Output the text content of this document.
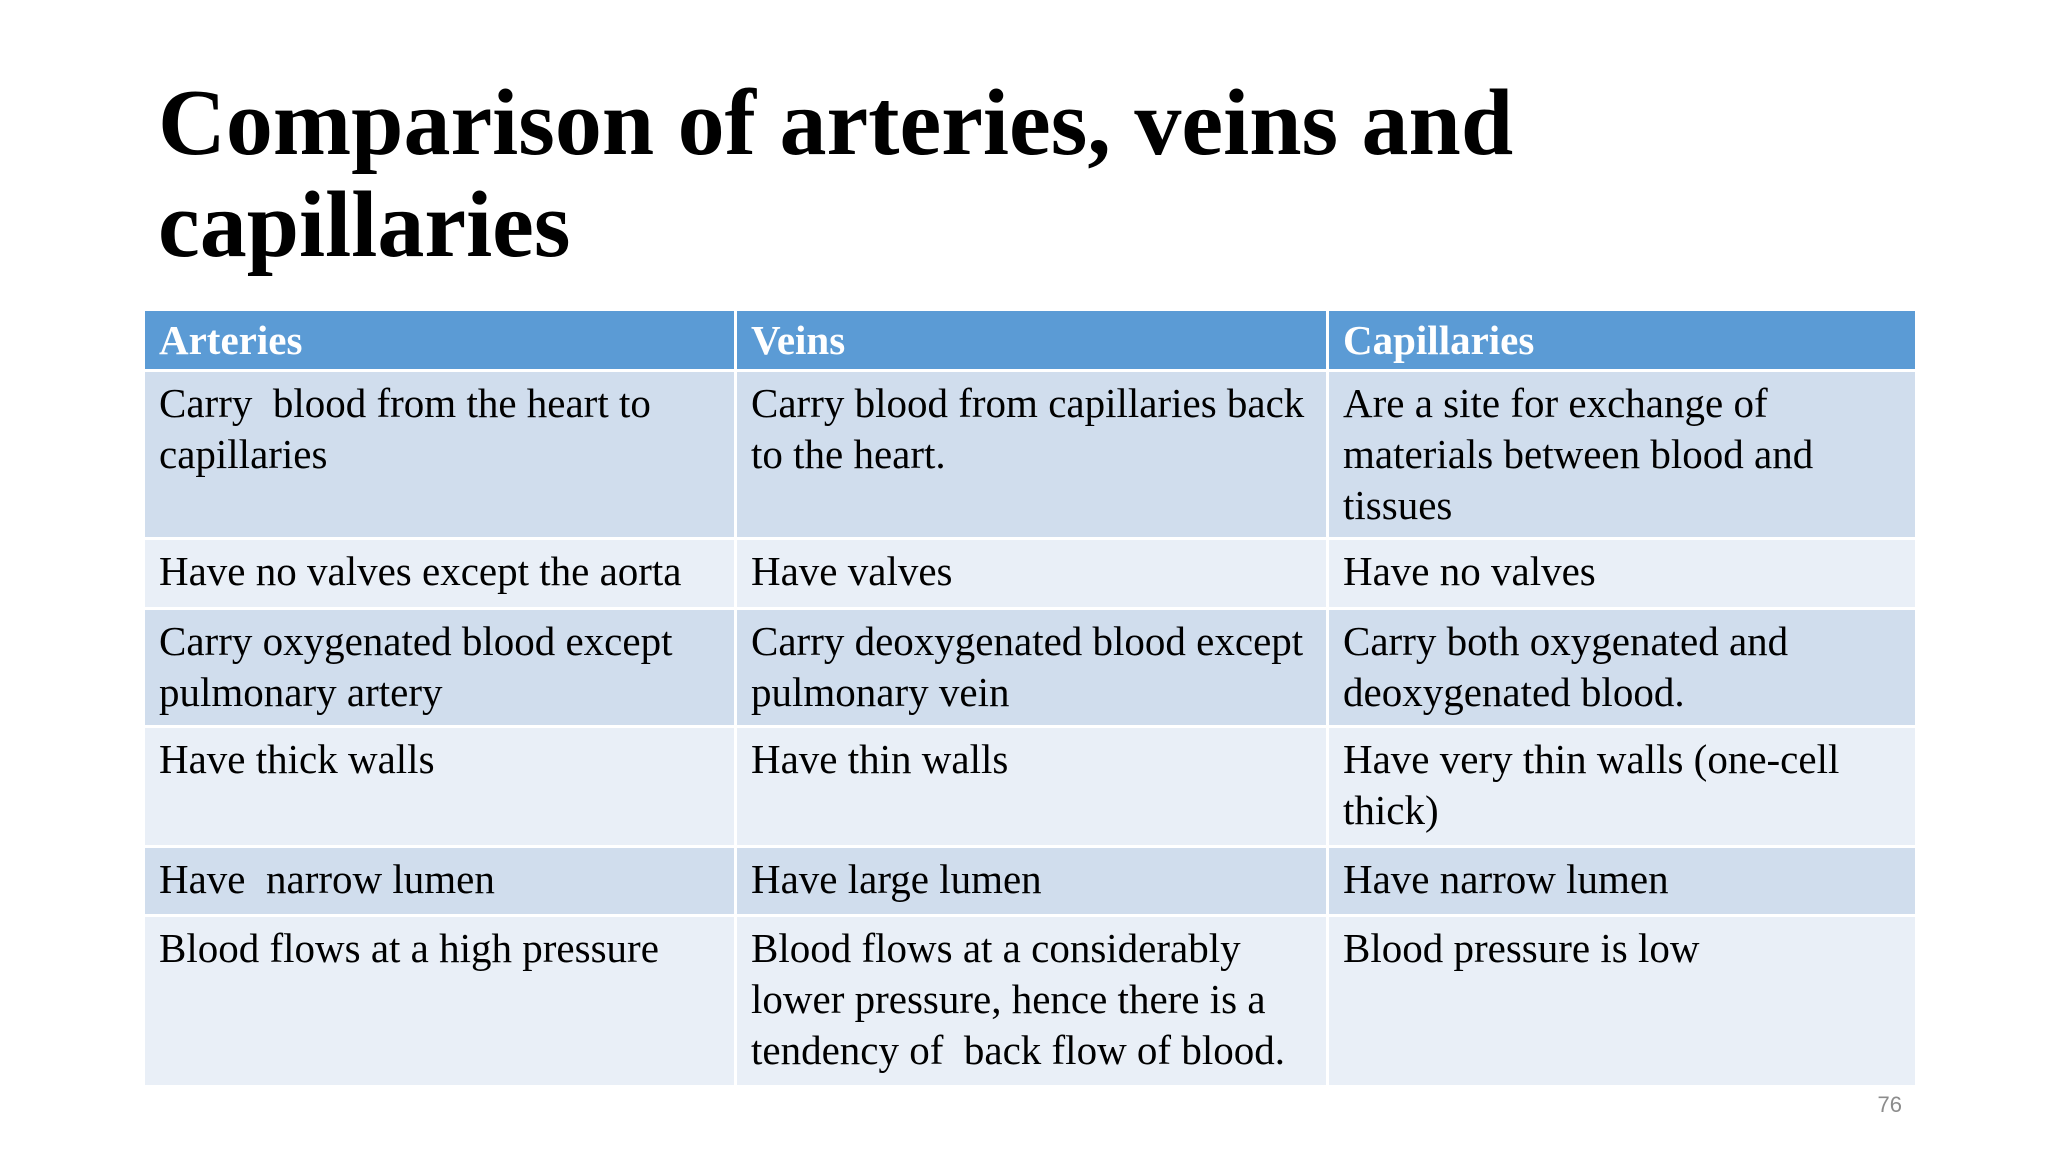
Comparison of arteries, veins and capillaries
Arteries	Veins	Capillaries
Carry  blood from the heart to capillaries	Carry blood from capillaries back to the heart.	Are a site for exchange of materials between blood and tissues
Have no valves except the aorta	Have valves	Have no valves
Carry oxygenated blood except pulmonary artery	Carry deoxygenated blood except pulmonary vein	Carry both oxygenated and deoxygenated blood.
Have thick walls	Have thin walls	Have very thin walls (one-cell thick)
Have  narrow lumen	Have large lumen	Have narrow lumen
Blood flows at a high pressure	Blood flows at a considerably lower pressure, hence there is a tendency of  back flow of blood.	Blood pressure is low
76
